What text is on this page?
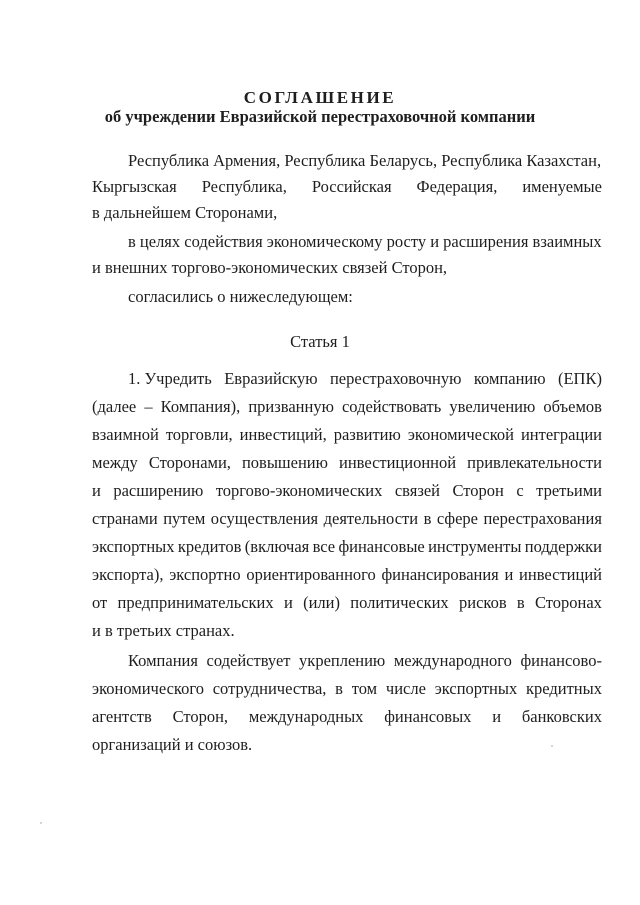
СОГЛАШЕНИЕ
об учреждении Евразийской перестраховочной компании
Республика Армения, Республика Беларусь, Республика Казахстан,
Кыргызская Республика, Российская Федерация, именуемые
в дальнейшем Сторонами,
в целях содействия экономическому росту и расширения взаимных
и внешних торгово-экономических связей Сторон,
согласились о нижеследующем:
Статья 1
1. Учредить Евразийскую перестраховочную компанию (ЕПК)
(далее – Компания), призванную содействовать увеличению объемов
взаимной торговли, инвестиций, развитию экономической интеграции
между Сторонами, повышению инвестиционной привлекательности
и расширению торгово-экономических связей Сторон с третьими
странами путем осуществления деятельности в сфере перестрахования
экспортных кредитов (включая все финансовые инструменты поддержки
экспорта), экспортно ориентированного финансирования и инвестиций
от предпринимательских и (или) политических рисков в Сторонах
и в третьих странах.
Компания содействует укреплению международного финансово-
экономического сотрудничества, в том числе экспортных кредитных
агентств Сторон, международных финансовых и банковских
организаций и союзов.
